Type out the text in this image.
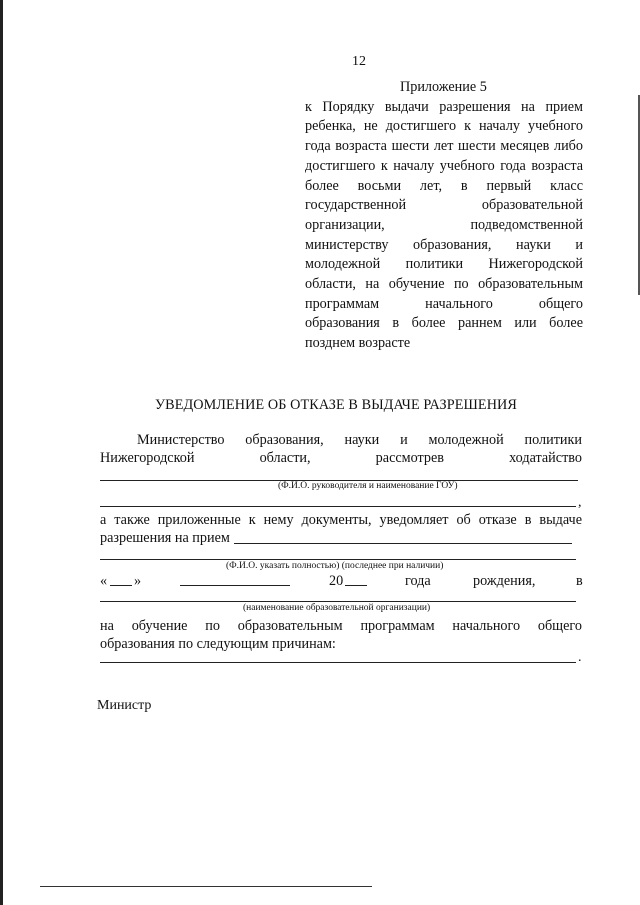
12
Приложение 5
к Порядку выдачи разрешения на прием
ребенка, не достигшего к началу учебного
года возраста шести лет шести месяцев либо
достигшего к началу учебного года возраста
более восьми лет, в первый класс
государственной образовательной
организации, подведомственной
министерству образования, науки и
молодежной политики Нижегородской
области, на обучение по образовательным
программам начального общего
образования в более раннем или более
позднем возрасте
УВЕДОМЛЕНИЕ ОБ ОТКАЗЕ В ВЫДАЧЕ РАЗРЕШЕНИЯ
Министерство образования, науки и молодежной политики
Нижегородской	области,	рассмотрев	ходатайство
(Ф.И.О. руководителя и наименование ГОУ)
,
а также приложенные к нему документы, уведомляет об отказе в выдаче
разрешения на прием
(Ф.И.О. указать полностью) (последнее при наличии)
« »	20	года	рождения,	в
(наименование образовательной организации)
на обучение по образовательным программам начального общего
образования по следующим причинам:
.
Министр
